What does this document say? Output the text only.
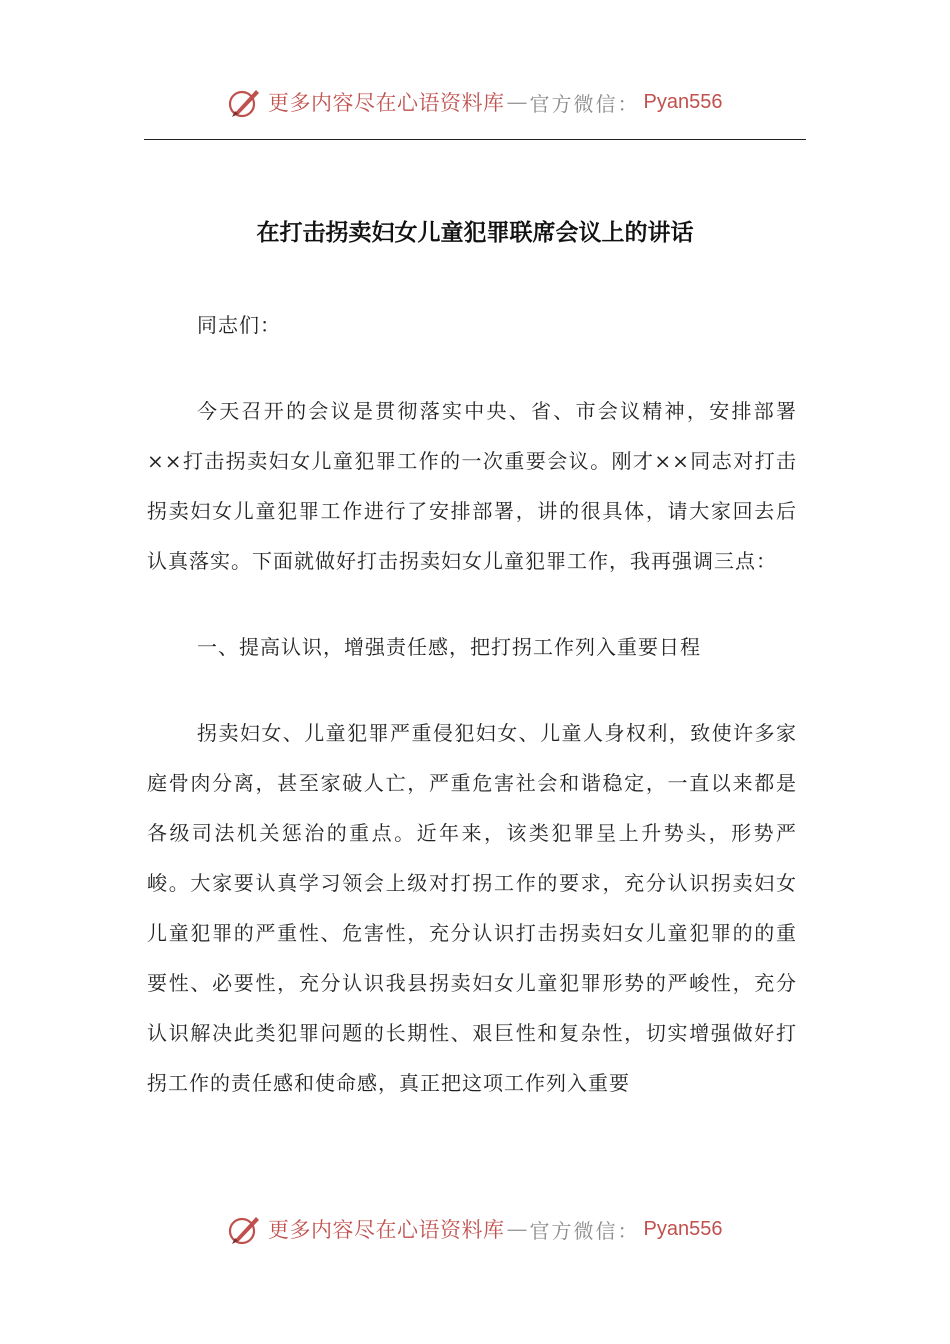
更多内容尽在心语资料库 — 官方微信： Pyan556
在打击拐卖妇女儿童犯罪联席会议上的讲话

同志们：

今天召开的会议是贯彻落实中央、省、市会议精神，安排部署××打击拐卖妇女儿童犯罪工作的一次重要会议。刚才××同志对打击拐卖妇女儿童犯罪工作进行了安排部署，讲的很具体，请大家回去后认真落实。下面就做好打击拐卖妇女儿童犯罪工作，我再强调三点：

一、提高认识，增强责任感，把打拐工作列入重要日程

拐卖妇女、儿童犯罪严重侵犯妇女、儿童人身权利，致使许多家庭骨肉分离，甚至家破人亡，严重危害社会和谐稳定，一直以来都是各级司法机关惩治的重点。近年来，该类犯罪呈上升势头，形势严峻。大家要认真学习领会上级对打拐工作的要求，充分认识拐卖妇女儿童犯罪的严重性、危害性，充分认识打击拐卖妇女儿童犯罪的的重要性、必要性，充分认识我县拐卖妇女儿童犯罪形势的严峻性，充分认识解决此类犯罪问题的长期性、艰巨性和复杂性，切实增强做好打拐工作的责任感和使命感，真正把这项工作列入重要

更多内容尽在心语资料库 — 官方微信： Pyan556
